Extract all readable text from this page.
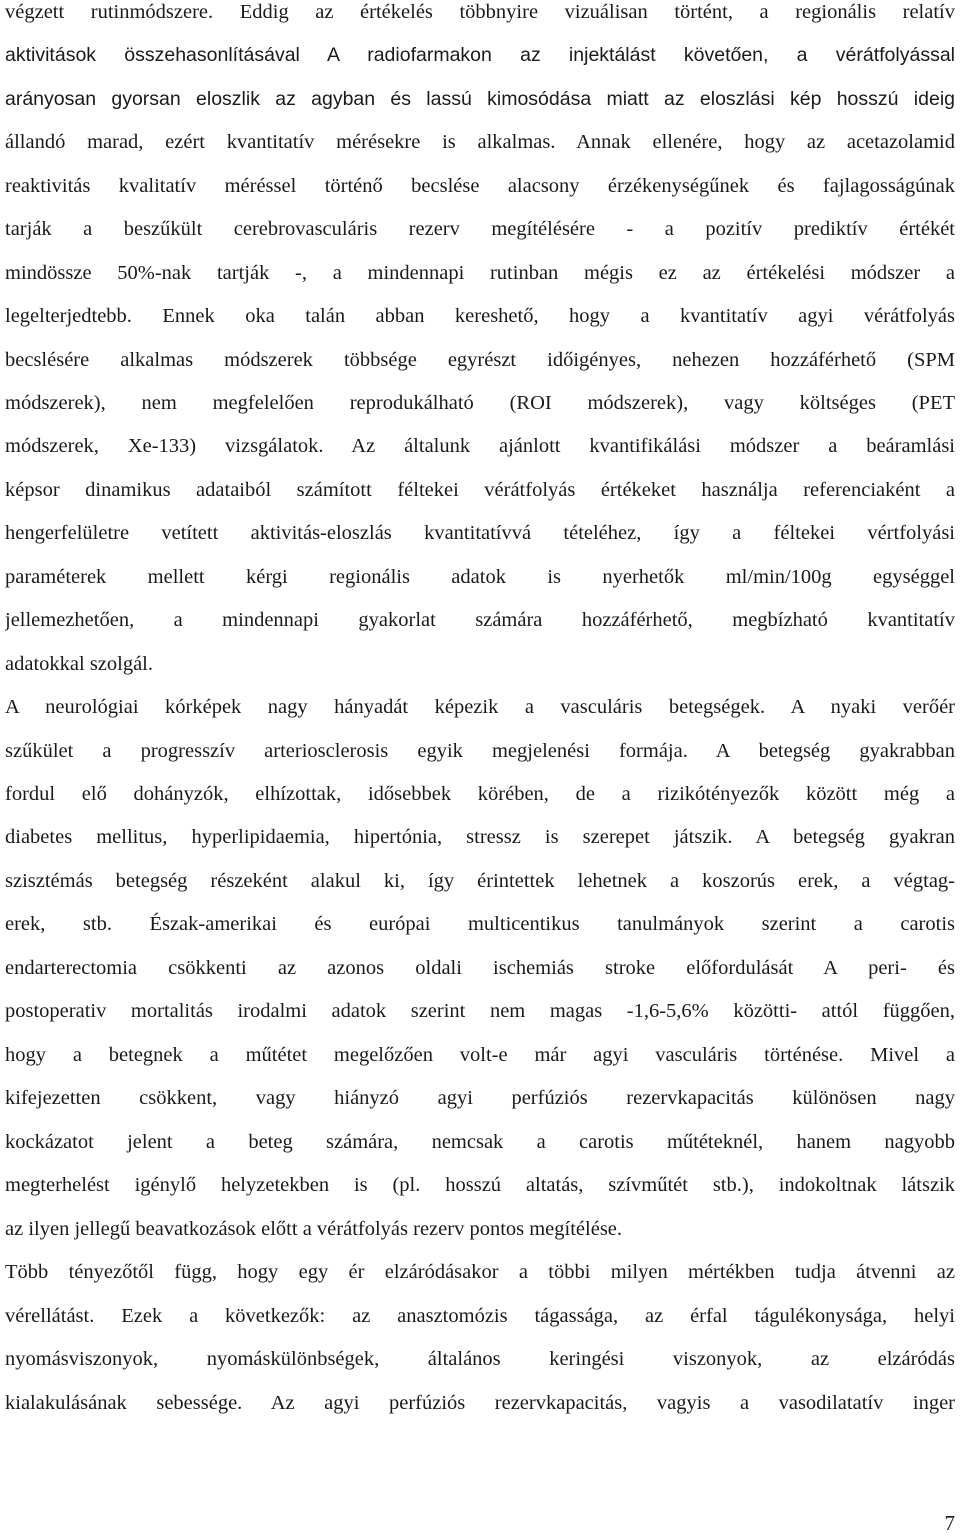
végzett rutinmódszere. Eddig az értékelés többnyire vizuálisan történt, a regionális relatív
aktivitások összehasonlításával A radiofarmakon az injektálást követően, a vérátfolyással
arányosan gyorsan eloszlik az agyban és lassú kimosódása miatt az eloszlási kép hosszú ideig
állandó marad, ezért kvantitatív mérésekre is alkalmas. Annak ellenére, hogy az acetazolamid
reaktivitás kvalitatív méréssel történő becslése alacsony érzékenységűnek és fajlagosságúnak
tarják a beszűkült cerebrovasculáris rezerv megítélésére - a pozitív prediktív értékét
mindössze 50%-nak tartják -, a mindennapi rutinban mégis ez az értékelési módszer a
legelterjedtebb. Ennek oka talán abban kereshető, hogy a kvantitatív agyi vérátfolyás
becslésére alkalmas módszerek többsége egyrészt időigényes, nehezen hozzáférhető (SPM
módszerek), nem megfelelően reprodukálható (ROI módszerek), vagy költséges (PET
módszerek, Xe-133) vizsgálatok. Az általunk ajánlott kvantifikálási módszer a beáramlási
képsor dinamikus adataiból számított féltekei vérátfolyás értékeket használja referenciaként a
hengerfelületre vetített aktivitás-eloszlás kvantitatívvá tételéhez, így a féltekei vértfolyási
paraméterek mellett kérgi regionális adatok is nyerhetők ml/min/100g egységgel
jellemezhetően, a mindennapi gyakorlat számára hozzáférhető, megbízható kvantitatív
adatokkal szolgál.
A neurológiai kórképek nagy hányadát képezik a vasculáris betegségek. A nyaki verőér
szűkület a progresszív arteriosclerosis egyik megjelenési formája. A betegség gyakrabban
fordul elő dohányzók, elhízottak, idősebbek körében, de a rizikótényezők között még a
diabetes mellitus, hyperlipidaemia, hipertónia, stressz is szerepet játszik. A betegség gyakran
szisztémás betegség részeként alakul ki, így érintettek lehetnek a koszorús erek, a végtag-
erek, stb. Észak-amerikai és európai multicentikus tanulmányok szerint a carotis
endarterectomia csökkenti az azonos oldali ischemiás stroke előfordulását A peri- és
postoperativ mortalitás irodalmi adatok szerint nem magas -1,6-5,6% közötti- attól függően,
hogy a betegnek a műtétet megelőzően volt-e már agyi vasculáris történése. Mivel a
kifejezetten csökkent, vagy hiányzó agyi perfúziós rezervkapacitás különösen nagy
kockázatot jelent a beteg számára, nemcsak a carotis műtéteknél, hanem nagyobb
megterhelést igénylő helyzetekben is (pl. hosszú altatás, szívműtét stb.), indokoltnak látszik
az ilyen jellegű beavatkozások előtt a vérátfolyás rezerv pontos megítélése.
Több tényezőtől függ, hogy egy ér elzáródásakor a többi milyen mértékben tudja átvenni az
vérellátást. Ezek a következők: az anasztomózis tágassága, az érfal tágulékonysága, helyi
nyomásviszonyok, nyomáskülönbségek, általános keringési viszonyok, az elzáródás
kialakulásának sebessége. Az agyi perfúziós rezervkapacitás, vagyis a vasodilatatív inger
7
